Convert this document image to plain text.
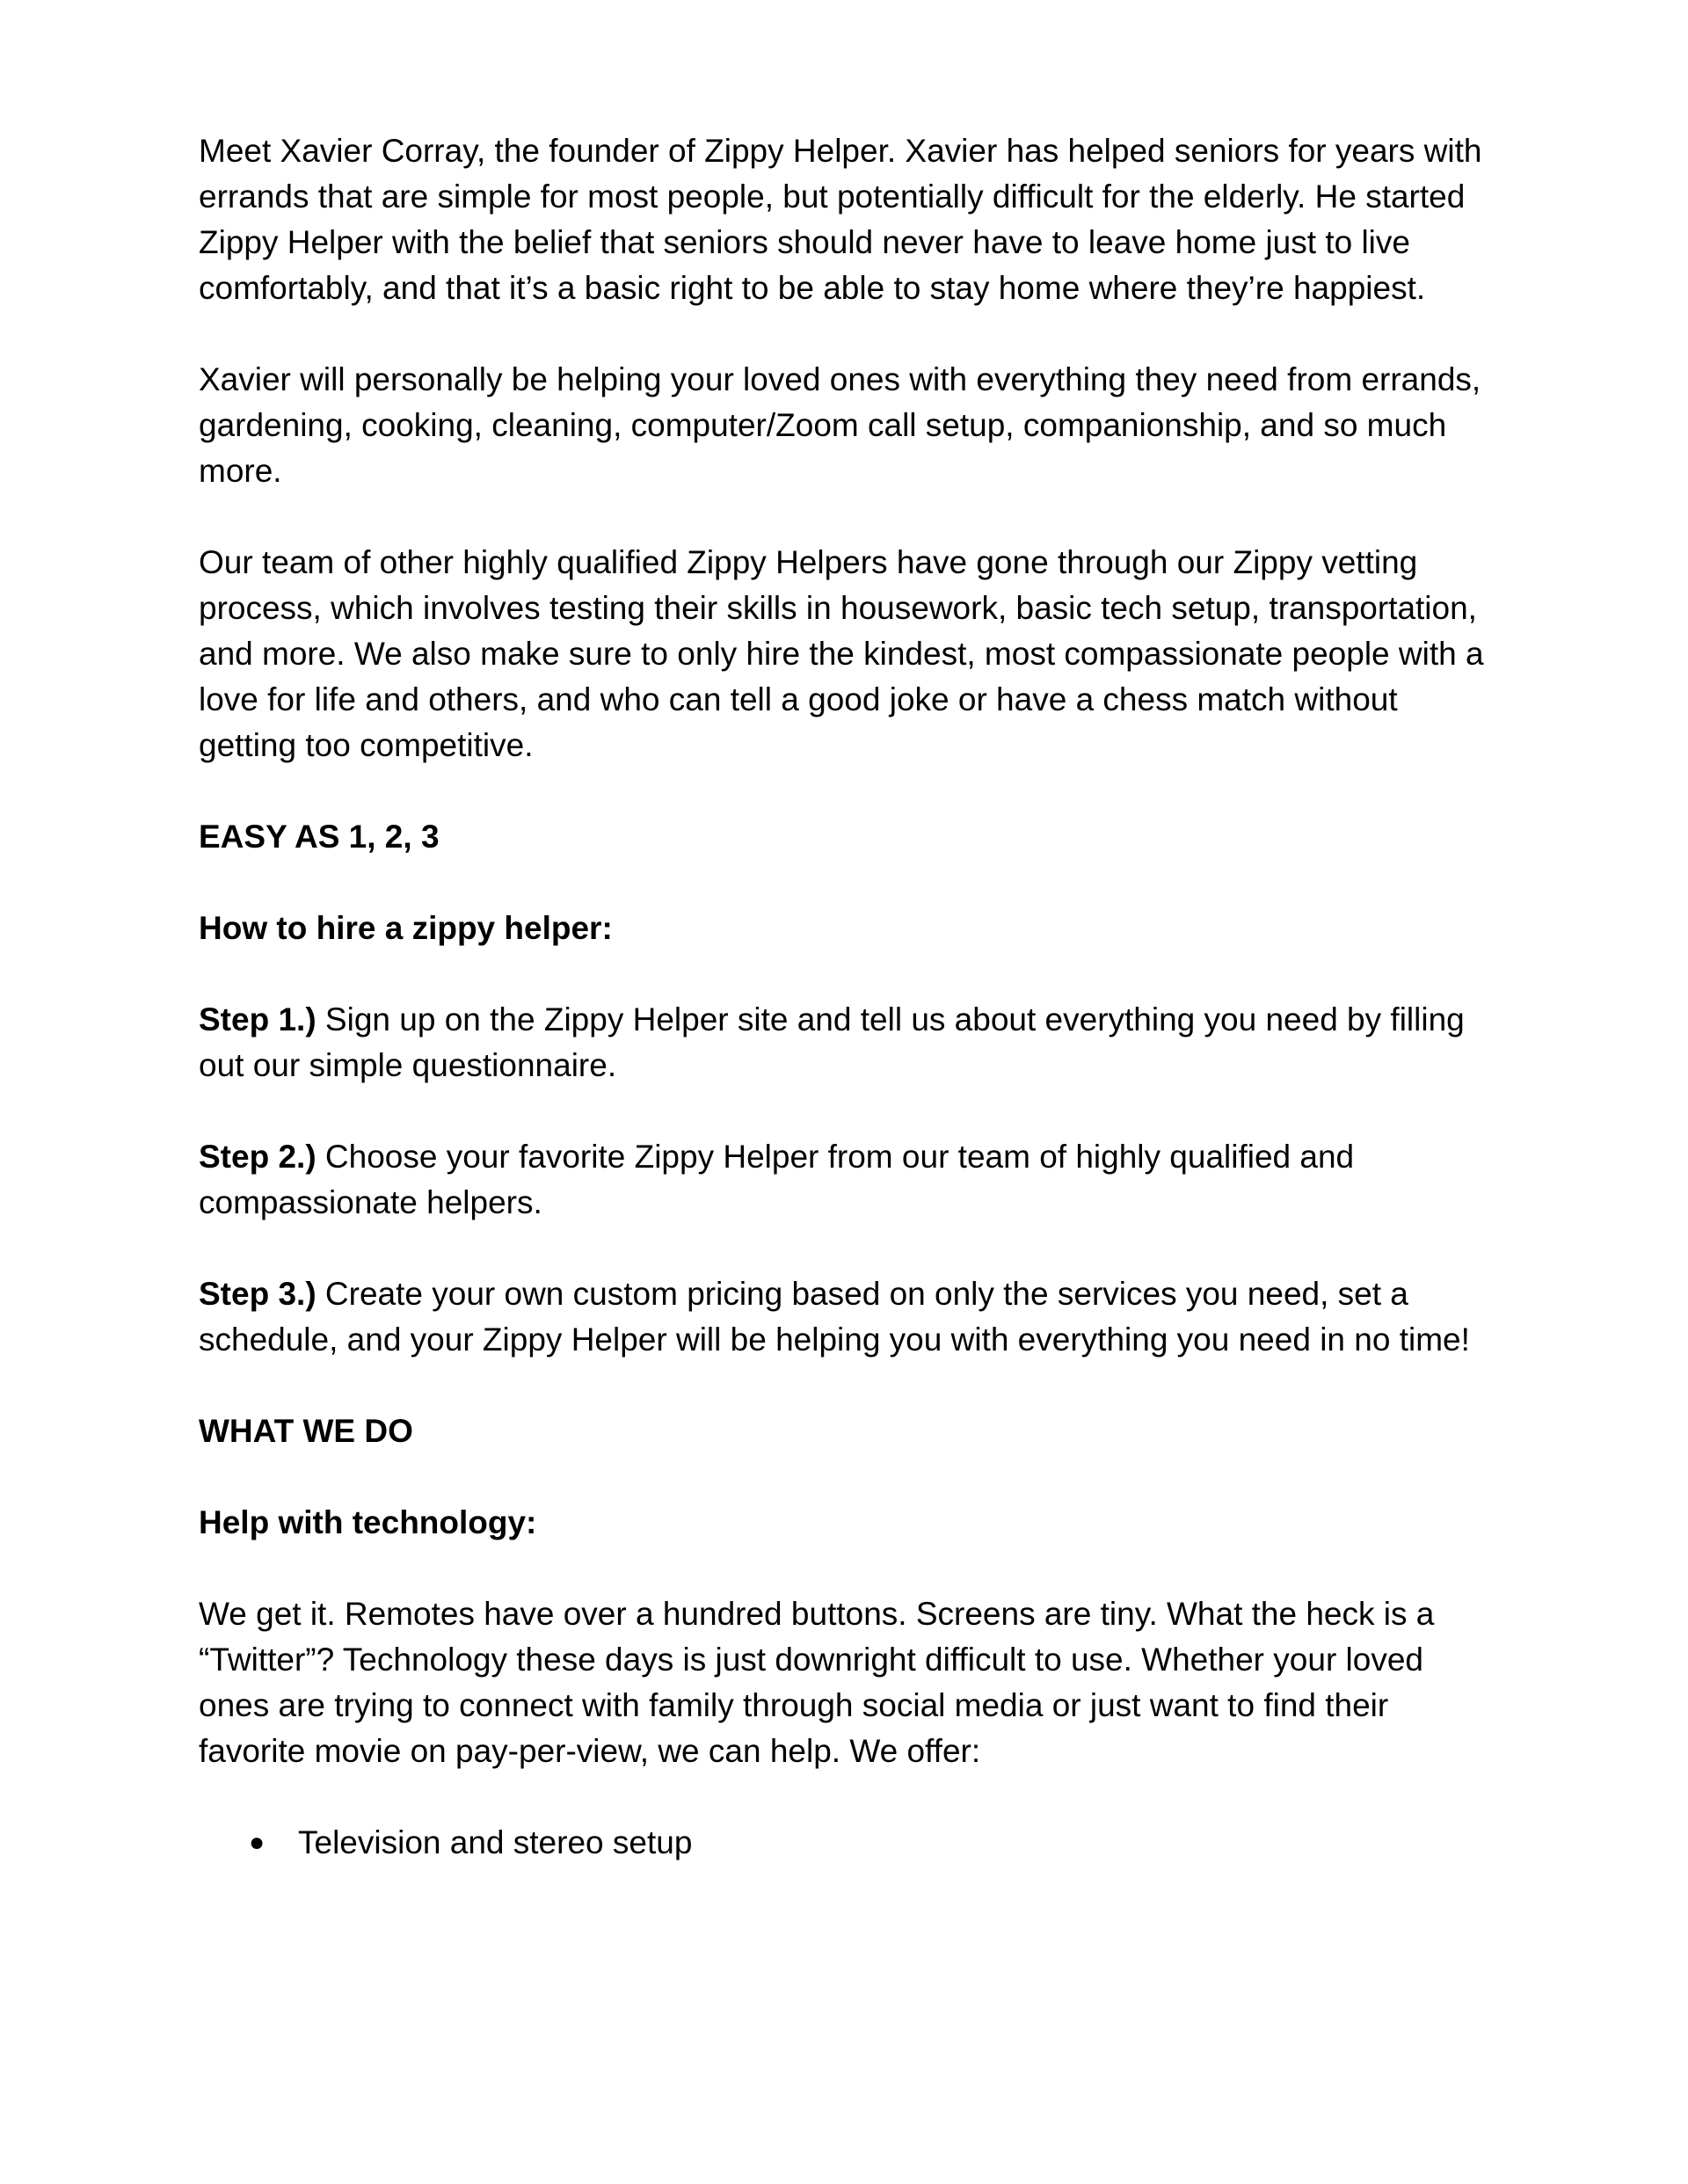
Meet Xavier Corray, the founder of Zippy Helper. Xavier has helped seniors for years with errands that are simple for most people, but potentially difficult for the elderly. He started Zippy Helper with the belief that seniors should never have to leave home just to live comfortably, and that it’s a basic right to be able to stay home where they’re happiest.

Xavier will personally be helping your loved ones with everything they need from errands, gardening, cooking, cleaning, computer/Zoom call setup, companionship, and so much more.

Our team of other highly qualified Zippy Helpers have gone through our Zippy vetting process, which involves testing their skills in housework, basic tech setup, transportation, and more. We also make sure to only hire the kindest, most compassionate people with a love for life and others, and who can tell a good joke or have a chess match without getting too competitive.

EASY AS 1, 2, 3

How to hire a zippy helper:

Step 1.) Sign up on the Zippy Helper site and tell us about everything you need by filling out our simple questionnaire.

Step 2.) Choose your favorite Zippy Helper from our team of highly qualified and compassionate helpers.

Step 3.) Create your own custom pricing based on only the services you need, set a schedule, and your Zippy Helper will be helping you with everything you need in no time!

WHAT WE DO

Help with technology:

We get it. Remotes have over a hundred buttons. Screens are tiny. What the heck is a “Twitter”? Technology these days is just downright difficult to use. Whether your loved ones are trying to connect with family through social media or just want to find their favorite movie on pay-per-view, we can help. We offer:

● Television and stereo setup
